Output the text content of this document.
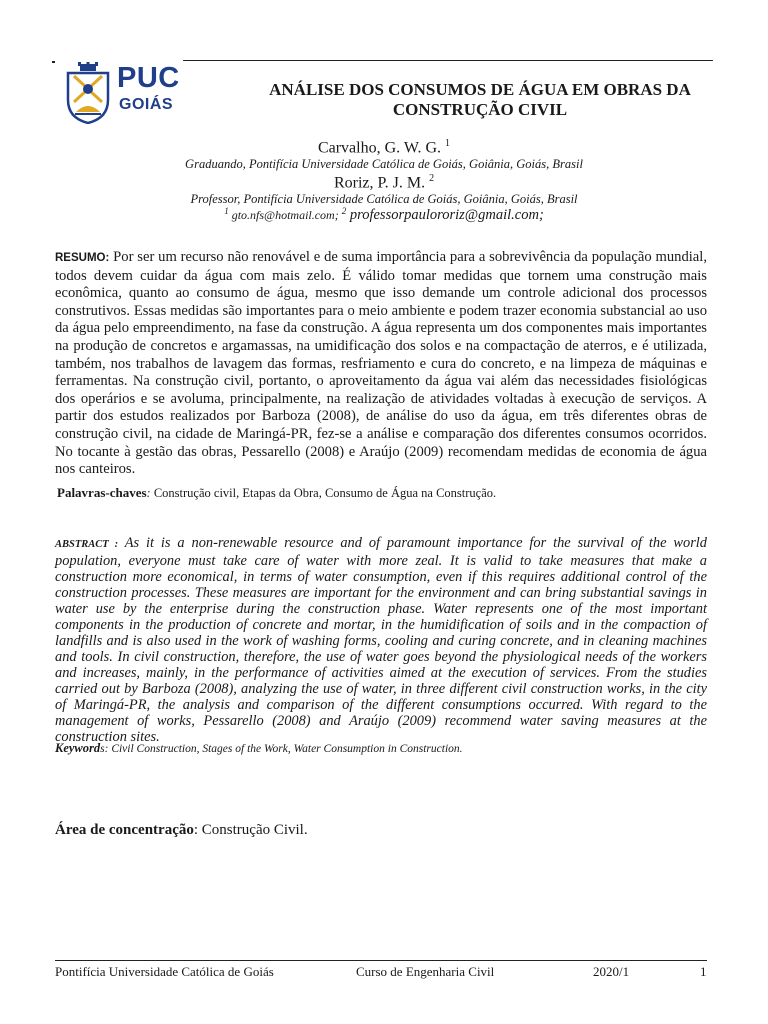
PUC
GOIÁS
ANÁLISE DOS CONSUMOS DE ÁGUA EM OBRAS DA
CONSTRUÇÃO CIVIL
Carvalho, G. W. G. $^1$
Graduando, Pontifícia Universidade Católica de Goiás, Goiânia, Goiás, Brasil
Roriz, P. J. M. $^2$
Professor, Pontifícia Universidade Católica de Goiás, Goiânia, Goiás, Brasil
$^1$ gto.nfs@hotmail.com; $^2$ professorpaulororiz@gmail.com;
RESUMO: Por ser um recurso não renovável e de suma importância para a sobrevivência da população mundial, todos devem cuidar da água com mais zelo. É válido tomar medidas que tornem uma construção mais econômica, quanto ao consumo de água, mesmo que isso demande um controle adicional dos processos construtivos. Essas medidas são importantes para o meio ambiente e podem trazer economia substancial ao uso da água pelo empreendimento, na fase da construção. A água representa um dos componentes mais importantes na produção de concretos e argamassas, na umidificação dos solos e na compactação de aterros, e é utilizada, também, nos trabalhos de lavagem das formas, resfriamento e cura do concreto, e na limpeza de máquinas e ferramentas. Na construção civil, portanto, o aproveitamento da água vai além das necessidades fisiológicas dos operários e se avoluma, principalmente, na realização de atividades voltadas à execução de serviços. A partir dos estudos realizados por Barboza (2008), de análise do uso da água, em três diferentes obras de construção civil, na cidade de Maringá-PR, fez-se a análise e comparação dos diferentes consumos ocorridos. No tocante à gestão das obras, Pessarello (2008) e Araújo (2009) recomendam medidas de economia de água nos canteiros.
Palavras-chaves: Construção civil, Etapas da Obra, Consumo de Água na Construção.
ABSTRACT : As it is a non-renewable resource and of paramount importance for the survival of the world population, everyone must take care of water with more zeal. It is valid to take measures that make a construction more economical, in terms of water consumption, even if this requires additional control of the construction processes. These measures are important for the environment and can bring substantial savings in water use by the enterprise during the construction phase. Water represents one of the most important components in the production of concrete and mortar, in the humidification of soils and in the compaction of landfills and is also used in the work of washing forms, cooling and curing concrete, and in cleaning machines and tools. In civil construction, therefore, the use of water goes beyond the physiological needs of the workers and increases, mainly, in the performance of activities aimed at the execution of services. From the studies carried out by Barboza (2008), analyzing the use of water, in three different civil construction works, in the city of Maringá-PR, the analysis and comparison of the different consumptions occurred. With regard to the management of works, Pessarello (2008) and Araújo (2009) recommend water saving measures at the construction sites.
Keywords: Civil Construction, Stages of the Work, Water Consumption in Construction.
Área de concentração: Construção Civil.
Pontifícia Universidade Católica de Goiás	Curso de Engenharia Civil	2020/1	1
